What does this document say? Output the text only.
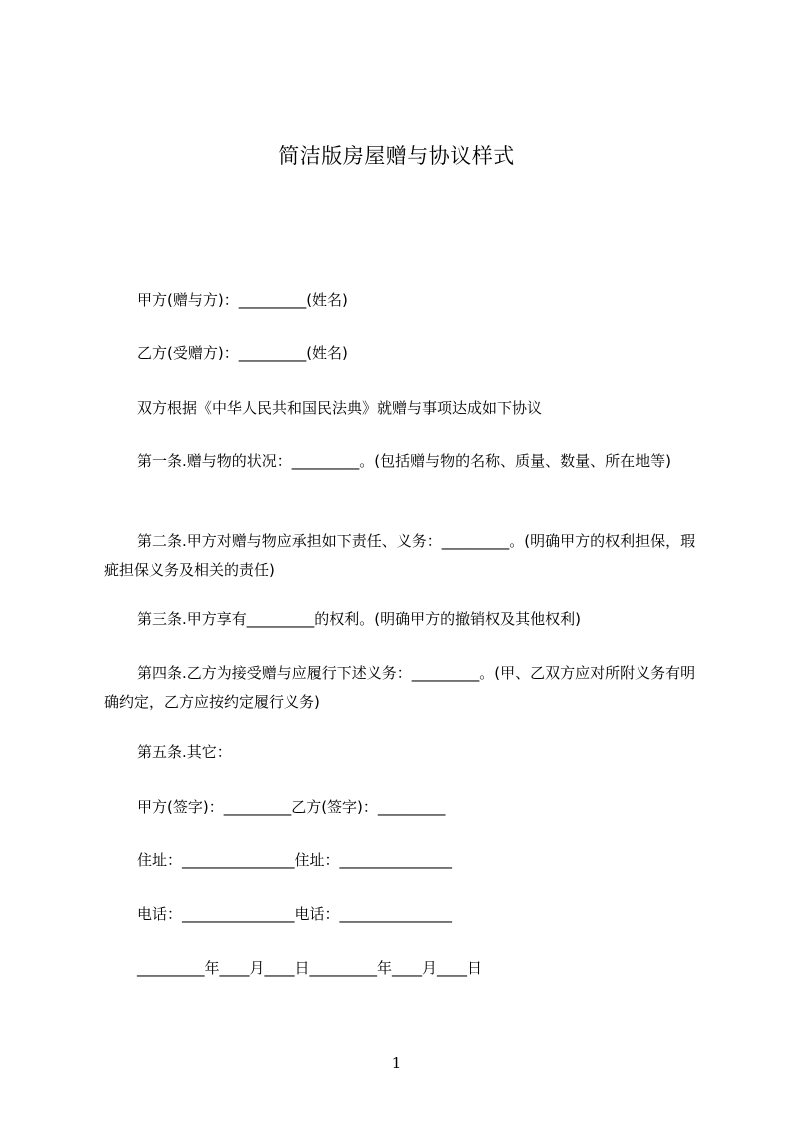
简洁版房屋赠与协议样式

甲方(赠与方)：_________(姓名)

乙方(受赠方)：_________(姓名)

双方根据《中华人民共和国民法典》就赠与事项达成如下协议

第一条.赠与物的状况：_________。(包括赠与物的名称、质量、数量、所在地等)

第二条.甲方对赠与物应承担如下责任、义务：_________。(明确甲方的权利担保，瑕疵担保义务及相关的责任)

第三条.甲方享有_________的权利。(明确甲方的撤销权及其他权利)

第四条.乙方为接受赠与应履行下述义务：_________。(甲、乙双方应对所附义务有明确约定，乙方应按约定履行义务)

第五条.其它：

甲方(签字)：_________乙方(签字)：_________

住址：_______________住址：_______________

电话：_______________电话：_______________

_________年____月____日_________年____月____日

1
